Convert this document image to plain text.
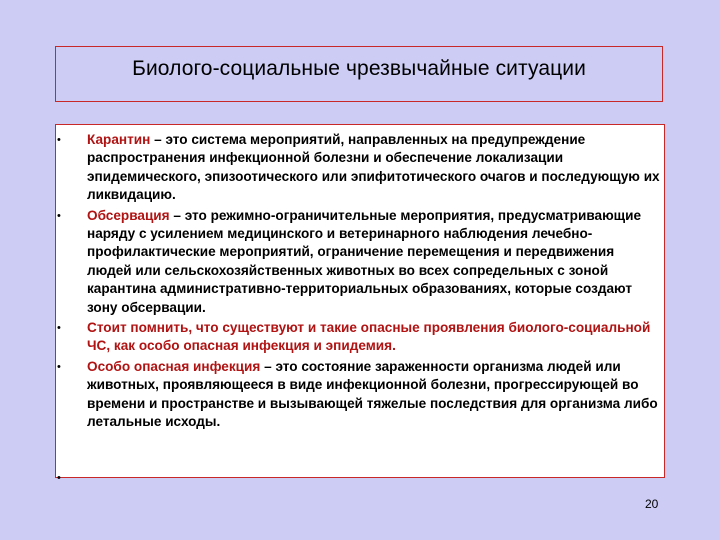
Биолого-социальные чрезвычайные ситуации
• Карантин – это система мероприятий, направленных на предупреждение распространения инфекционной болезни и обеспечение локализации эпидемического, эпизоотического или эпифитотического очагов и последующую их ликвидацию.
• Обсервация – это режимно-ограничительные мероприятия, предусматривающие наряду с усилением медицинского и ветеринарного наблюдения лечебно-профилактические мероприятий, ограничение перемещения и передвижения людей или сельскохозяйственных животных во всех сопредельных с зоной карантина административно-территориальных образованиях, которые создают зону обсервации.
• Стоит помнить, что существуют и такие опасные проявления биолого-социальной ЧС, как особо опасная инфекция и эпидемия.
• Особо опасная инфекция – это состояние зараженности организма людей или животных, проявляющееся в виде инфекционной болезни, прогрессирующей во времени и пространстве и вызывающей тяжелые последствия для организма либо летальные исходы.
•
20
